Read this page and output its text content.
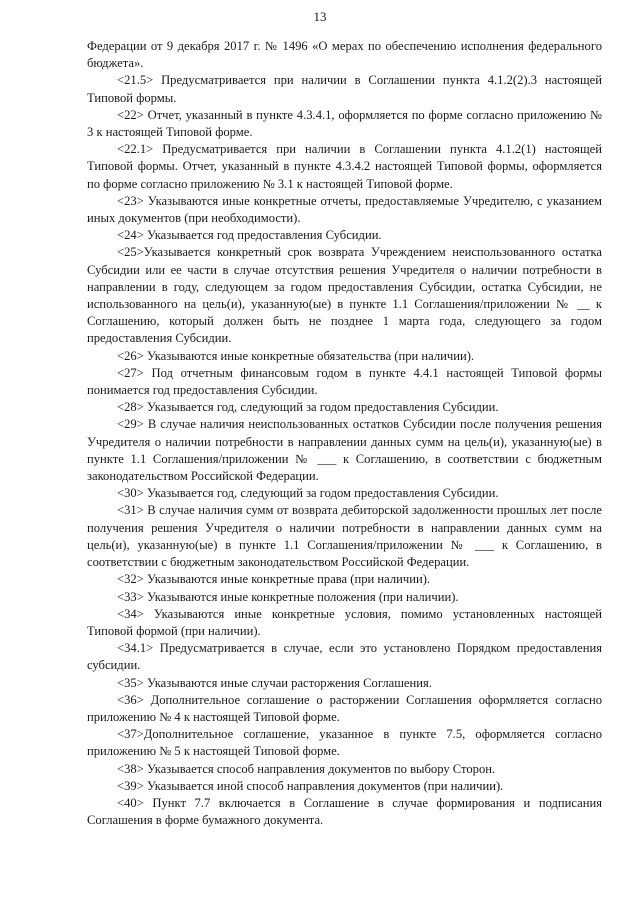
13

Федерации от 9 декабря 2017 г. № 1496 «О мерах по обеспечению исполнения федерального бюджета».

<21.5> Предусматривается при наличии в Соглашении пункта 4.1.2(2).3 настоящей Типовой формы.

<22> Отчет, указанный в пункте 4.3.4.1, оформляется по форме согласно приложению № 3 к настоящей Типовой форме.

<22.1> Предусматривается при наличии в Соглашении пункта 4.1.2(1) настоящей Типовой формы. Отчет, указанный в пункте 4.3.4.2 настоящей Типовой формы, оформляется по форме согласно приложению № 3.1 к настоящей Типовой форме.

<23> Указываются иные конкретные отчеты, предоставляемые Учредителю, с указанием иных документов (при необходимости).

<24> Указывается год предоставления Субсидии.

<25>Указывается конкретный срок возврата Учреждением неиспользованного остатка Субсидии или ее части в случае отсутствия решения Учредителя о наличии потребности в направлении в году, следующем за годом предоставления Субсидии, остатка Субсидии, не использованного на цель(и), указанную(ые) в пункте 1.1 Соглашения/приложении № __ к Соглашению, который должен быть не позднее 1 марта года, следующего за годом предоставления Субсидии.

<26> Указываются иные конкретные обязательства (при наличии).

<27> Под отчетным финансовым годом в пункте 4.4.1 настоящей Типовой формы понимается год предоставления Субсидии.

<28> Указывается год, следующий за годом предоставления Субсидии.

<29> В случае наличия неиспользованных остатков Субсидии после получения решения Учредителя о наличии потребности в направлении данных сумм на цель(и), указанную(ые) в пункте 1.1 Соглашения/приложении № ___ к Соглашению, в соответствии с бюджетным законодательством Российской Федерации.

<30> Указывается год, следующий за годом предоставления Субсидии.

<31> В случае наличия сумм от возврата дебиторской задолженности прошлых лет после получения решения Учредителя о наличии потребности в направлении данных сумм на цель(и), указанную(ые) в пункте 1.1 Соглашения/приложении № ___ к Соглашению, в соответствии с бюджетным законодательством Российской Федерации.

<32> Указываются иные конкретные права (при наличии).

<33> Указываются иные конкретные положения (при наличии).

<34> Указываются иные конкретные условия, помимо установленных настоящей Типовой формой (при наличии).

<34.1> Предусматривается в случае, если это установлено Порядком предоставления субсидии.

<35> Указываются иные случаи расторжения Соглашения.

<36> Дополнительное соглашение о расторжении Соглашения оформляется согласно приложению № 4 к настоящей Типовой форме.

<37>Дополнительное соглашение, указанное в пункте 7.5, оформляется согласно приложению № 5 к настоящей Типовой форме.

<38> Указывается способ направления документов по выбору Сторон.

<39> Указывается иной способ направления документов (при наличии).

<40> Пункт 7.7 включается в Соглашение в случае формирования и подписания Соглашения в форме бумажного документа.
